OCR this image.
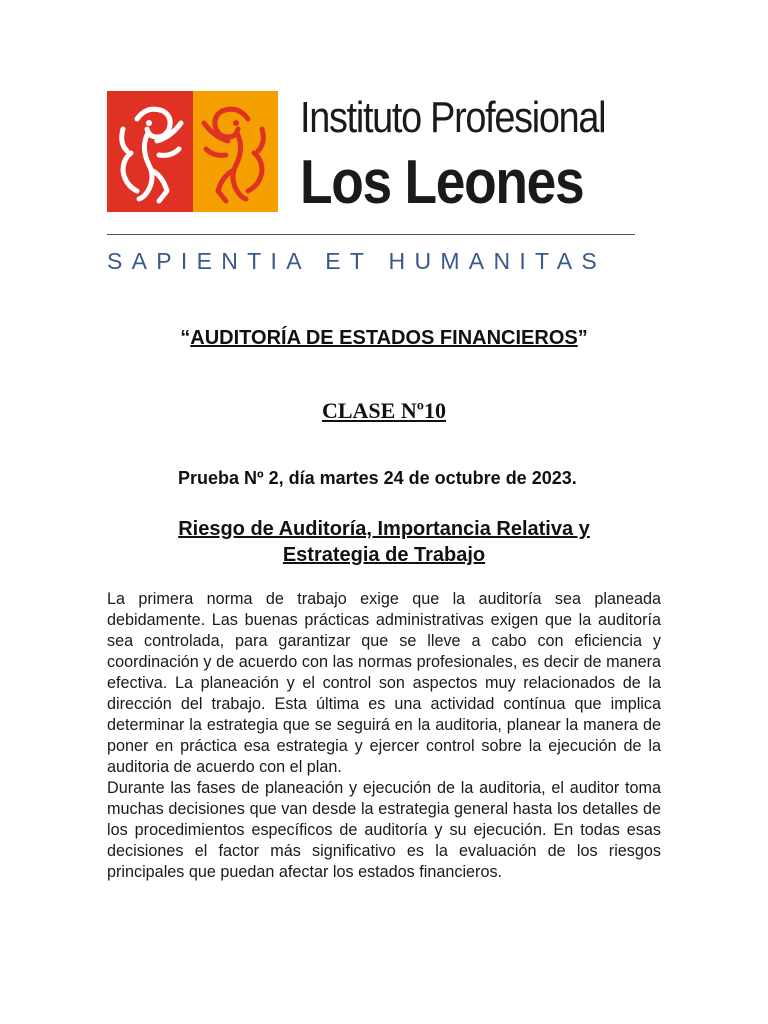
Instituto Profesional
Los Leones
SAPIENTIA ET HUMANITAS
“AUDITORÍA DE ESTADOS FINANCIEROS”
CLASE Nº10
Prueba Nº 2, día martes 24 de octubre de 2023.
Riesgo de Auditoría, Importancia Relativa y
Estrategia de Trabajo

La primera norma de trabajo exige que la auditoría sea planeada debidamente. Las buenas prácticas administrativas exigen que la auditoría sea controlada, para garantizar que se lleve a cabo con eficiencia y coordinación y de acuerdo con las normas profesionales, es decir de manera efectiva. La planeación y el control son aspectos muy relacionados de la dirección del trabajo. Esta última es una actividad contínua que implica determinar la estrategia que se seguirá en la auditoria, planear la manera de poner en práctica esa estrategia y ejercer control sobre la ejecución de la auditoria de acuerdo con el plan.

Durante las fases de planeación y ejecución de la auditoria, el auditor toma muchas decisiones que van desde la estrategia general hasta los detalles de los procedimientos específicos de auditoría y su ejecución. En todas esas decisiones el factor más significativo es la evaluación de los riesgos principales que puedan afectar los estados financieros.
